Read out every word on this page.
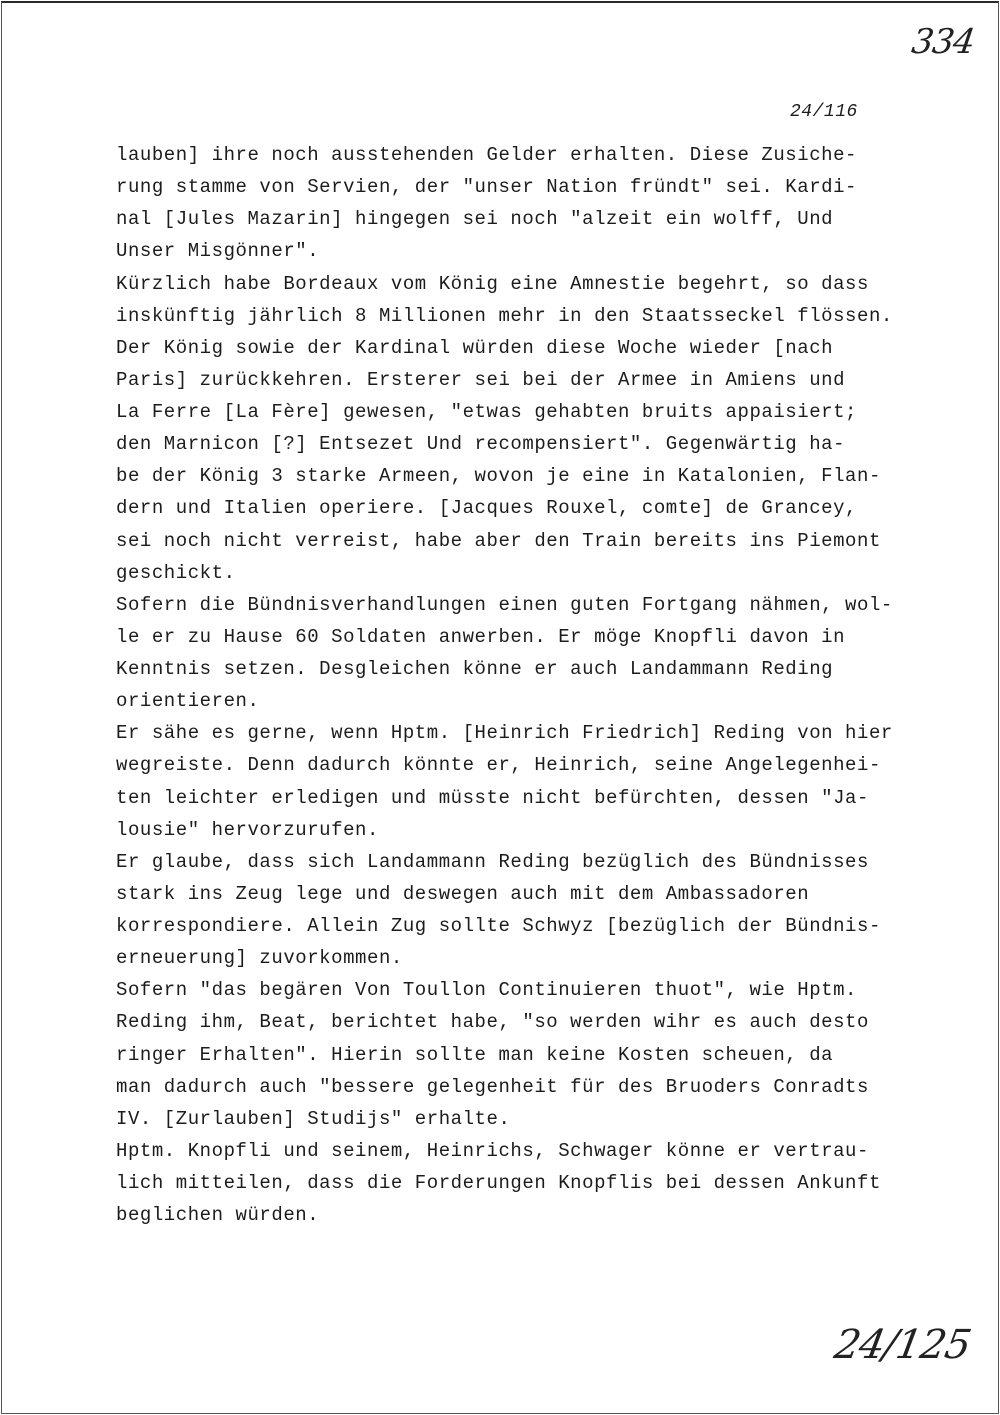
334
24/116
lauben] ihre noch ausstehenden Gelder erhalten. Diese Zusiche-
rung stamme von Servien, der "unser Nation fründt" sei. Kardi-
nal [Jules Mazarin] hingegen sei noch "alzeit ein wolff, Und
Unser Misgönner".
Kürzlich habe Bordeaux vom König eine Amnestie begehrt, so dass
inskünftig jährlich 8 Millionen mehr in den Staatsseckel flössen.
Der König sowie der Kardinal würden diese Woche wieder [nach
Paris] zurückkehren. Ersterer sei bei der Armee in Amiens und
La Ferre [La Fère] gewesen, "etwas gehabten bruits appaisiert;
den Marnicon [?] Entsezet Und recompensiert". Gegenwärtig ha-
be der König 3 starke Armeen, wovon je eine in Katalonien, Flan-
dern und Italien operiere. [Jacques Rouxel, comte] de Grancey,
sei noch nicht verreist, habe aber den Train bereits ins Piemont
geschickt.
Sofern die Bündnisverhandlungen einen guten Fortgang nähmen, wol-
le er zu Hause 60 Soldaten anwerben. Er möge Knopfli davon in
Kenntnis setzen. Desgleichen könne er auch Landammann Reding
orientieren.
Er sähe es gerne, wenn Hptm. [Heinrich Friedrich] Reding von hier
wegreiste. Denn dadurch könnte er, Heinrich, seine Angelegenhei-
ten leichter erledigen und müsste nicht befürchten, dessen "Ja-
lousie" hervorzurufen.
Er glaube, dass sich Landammann Reding bezüglich des Bündnisses
stark ins Zeug lege und deswegen auch mit dem Ambassadoren
korrespondiere. Allein Zug sollte Schwyz [bezüglich der Bündnis-
erneuerung] zuvorkommen.
Sofern "das begären Von Toullon Continuieren thuot", wie Hptm.
Reding ihm, Beat, berichtet habe, "so werden wihr es auch desto
ringer Erhalten". Hierin sollte man keine Kosten scheuen, da
man dadurch auch "bessere gelegenheit für des Bruoders Conradts
IV. [Zurlauben] Studijs" erhalte.
Hptm. Knopfli und seinem, Heinrichs, Schwager könne er vertrau-
lich mitteilen, dass die Forderungen Knopflis bei dessen Ankunft
beglichen würden.
24/125
